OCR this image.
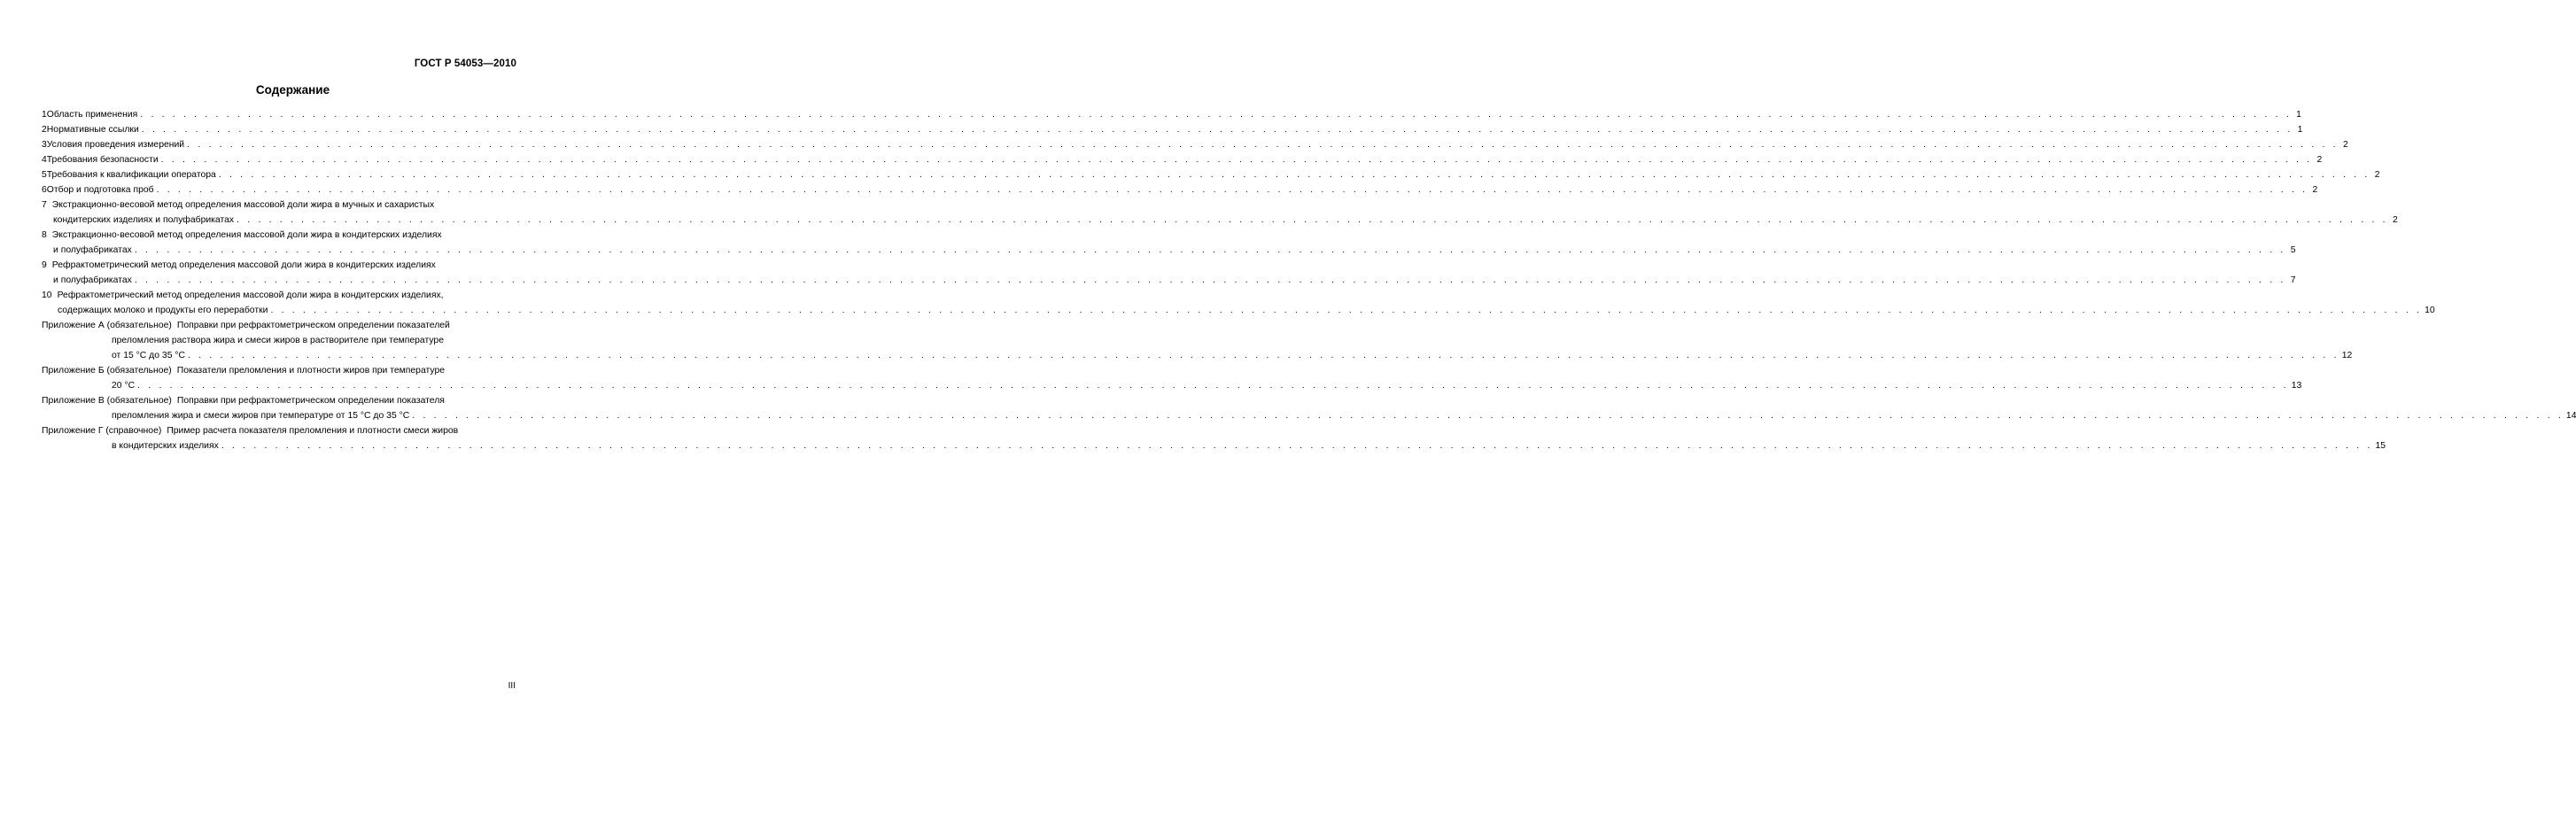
ГОСТ Р 54053—2010
Содержание
1 Область применения . . . . . . . . . . . . . . . . . . . . . . . . . . . . . . . . . . . . . . . . . . . . . . . . . . . . . . . . . . . . . . . . . . . . . . . . . . . . . . . . . . . . . . . . . . . . . . . . . . . . . . . . . . . . . . . . . . . . . . . . . . . . . . . . . . . . . . . . . . . . . . . . . . . . . . . . . . . . . . . . . . . . . . . . . . . . . . . . . . . . . . . . . . . . . . . . . . . . . . . . 1
2 Нормативные ссылки . . . . . . . . . . . . . . . . . . . . . . . . . . . . . . . . . . . . . . . . . . . . . . . . . . . . . . . . . . . . . . . . . . . . . . . . . . . . . . . . . . . . . . . . . . . . . . . . . . . . . . . . . . . . . . . . . . . . . . . . . . . . . . . . . . . . . . . . . . . . . . . . . . . . . . . . . . . . . . . . . . . . . . . . . . . . . . . . . . . . . . . . . . . . . . . . . . . . . . . . 1
3 Условия проведения измерений . . . . . . . . . . . . . . . . . . . . . . . . . . . . . . . . . . . . . . . . . . . . . . . . . . . . . . . . . . . . . . . . . . . . . . . . . . . . . . . . . . . . . . . . . . . . . . . . . . . . . . . . . . . . . . . . . . . . . . . . . . . . . . . . . . . . . . . . . . . . . . . . . . . . . . . . . . . . . . . . . . . . . . . . . . . . . . . . . . . . . . . . . . . . . . . . . . . . . . . . 2
4 Требования безопасности . . . . . . . . . . . . . . . . . . . . . . . . . . . . . . . . . . . . . . . . . . . . . . . . . . . . . . . . . . . . . . . . . . . . . . . . . . . . . . . . . . . . . . . . . . . . . . . . . . . . . . . . . . . . . . . . . . . . . . . . . . . . . . . . . . . . . . . . . . . . . . . . . . . . . . . . . . . . . . . . . . . . . . . . . . . . . . . . . . . . . . . . . . . . . . . . . . . . . . . . 2
5 Требования к квалификации оператора . . . . . . . . . . . . . . . . . . . . . . . . . . . . . . . . . . . . . . . . . . . . . . . . . . . . . . . . . . . . . . . . . . . . . . . . . . . . . . . . . . . . . . . . . . . . . . . . . . . . . . . . . . . . . . . . . . . . . . . . . . . . . . . . . . . . . . . . . . . . . . . . . . . . . . . . . . . . . . . . . . . . . . . . . . . . . . . . . . . . . . . . . . . . . . . . . . . . . . . . 2
6 Отбор и подготовка проб . . . . . . . . . . . . . . . . . . . . . . . . . . . . . . . . . . . . . . . . . . . . . . . . . . . . . . . . . . . . . . . . . . . . . . . . . . . . . . . . . . . . . . . . . . . . . . . . . . . . . . . . . . . . . . . . . . . . . . . . . . . . . . . . . . . . . . . . . . . . . . . . . . . . . . . . . . . . . . . . . . . . . . . . . . . . . . . . . . . . . . . . . . . . . . . . . . . . . . . . 2
7 Экстракционно-весовой метод определения массовой доли жира в мучных и сахаристых
кондитерских изделиях и полуфабрикатах . . . . . . . . . . . . . . . . . . . . . . . . . . . . . . . . . . . . . . . . . . . . . . . . . . . . . . . . . . . . . . . . . . . . . . . . . . . . . . . . . . . . . . . . . . . . . . . . . . . . . . . . . . . . . . . . . . . . . . . . . . . . . . . . . . . . . . . . . . . . . . . . . . . . . . . . . . . . . . . . . . . . . . . . . . . . . . . . . . . . . . . . . . . . . . . . . . . . . . . . 2
8 Экстракционно-весовой метод определения массовой доли жира в кондитерских изделиях
и полуфабрикатах . . . . . . . . . . . . . . . . . . . . . . . . . . . . . . . . . . . . . . . . . . . . . . . . . . . . . . . . . . . . . . . . . . . . . . . . . . . . . . . . . . . . . . . . . . . . . . . . . . . . . . . . . . . . . . . . . . . . . . . . . . . . . . . . . . . . . . . . . . . . . . . . . . . . . . . . . . . . . . . . . . . . . . . . . . . . . . . . . . . . . . . . . . . . . . . . . . . . . . . . 5
9 Рефрактометрический метод определения массовой доли жира в кондитерских изделиях
и полуфабрикатах . . . . . . . . . . . . . . . . . . . . . . . . . . . . . . . . . . . . . . . . . . . . . . . . . . . . . . . . . . . . . . . . . . . . . . . . . . . . . . . . . . . . . . . . . . . . . . . . . . . . . . . . . . . . . . . . . . . . . . . . . . . . . . . . . . . . . . . . . . . . . . . . . . . . . . . . . . . . . . . . . . . . . . . . . . . . . . . . . . . . . . . . . . . . . . . . . . . . . . . . 7
10 Рефрактометрический метод определения массовой доли жира в кондитерских изделиях,
содержащих молоко и продукты его переработки . . . . . . . . . . . . . . . . . . . . . . . . . . . . . . . . . . . . . . . . . . . . . . . . . . . . . . . . . . . . . . . . . . . . . . . . . . . . . . . . . . . . . . . . . . . . . . . . . . . . . . . . . . . . . . . . . . . . . . . . . . . . . . . . . . . . . . . . . . . . . . . . . . . . . . . . . . . . . . . . . . . . . . . . . . . . . . . . . . . . . . . . . . . . . . . . . . . . . . . . 10
Приложение А (обязательное) Поправки при рефрактометрическом определении показателей
преломления раствора жира и смеси жиров в растворителе при температуре
от 15 °С до 35 °С . . . . . . . . . . . . . . . . . . . . . . . . . . . . . . . . . . . . . . . . . . . . . . . . . . . . . . . . . . . . . . . . . . . . . . . . . . . . . . . . . . . . . . . . . . . . . . . . . . . . . . . . . . . . . . . . . . . . . . . . . . . . . . . . . . . . . . . . . . . . . . . . . . . . . . . . . . . . . . . . . . . . . . . . . . . . . . . . . . . . . . . . . . . . . . . . . . . . . . . . 12
Приложение Б (обязательное) Показатели преломления и плотности жиров при температуре
20 °С . . . . . . . . . . . . . . . . . . . . . . . . . . . . . . . . . . . . . . . . . . . . . . . . . . . . . . . . . . . . . . . . . . . . . . . . . . . . . . . . . . . . . . . . . . . . . . . . . . . . . . . . . . . . . . . . . . . . . . . . . . . . . . . . . . . . . . . . . . . . . . . . . . . . . . . . . . . . . . . . . . . . . . . . . . . . . . . . . . . . . . . . . . . . . . . . . . . . . . . . 13
Приложение В (обязательное) Поправки при рефрактометрическом определении показателя
преломления жира и смеси жиров при температуре от 15 °С до 35 °С . . . . . . . . . . . . . . . . . . . . . . . . . . . . . . . . . . . . . . . . . . . . . . . . . . . . . . . . . . . . . . . . . . . . . . . . . . . . . . . . . . . . . . . . . . . . . . . . . . . . . . . . . . . . . . . . . . . . . . . . . . . . . . . . . . . . . . . . . . . . . . . . . . . . . . . . . . . . . . . . . . . . . . . . . . . . . . . . . . . . . . . . . . . . . . . . . . . . . . . . 14
Приложение Г (справочное) Пример расчета показателя преломления и плотности смеси жиров
в кондитерских изделиях . . . . . . . . . . . . . . . . . . . . . . . . . . . . . . . . . . . . . . . . . . . . . . . . . . . . . . . . . . . . . . . . . . . . . . . . . . . . . . . . . . . . . . . . . . . . . . . . . . . . . . . . . . . . . . . . . . . . . . . . . . . . . . . . . . . . . . . . . . . . . . . . . . . . . . . . . . . . . . . . . . . . . . . . . . . . . . . . . . . . . . . . . . . . . . . . . . . . . . . . 15
III
